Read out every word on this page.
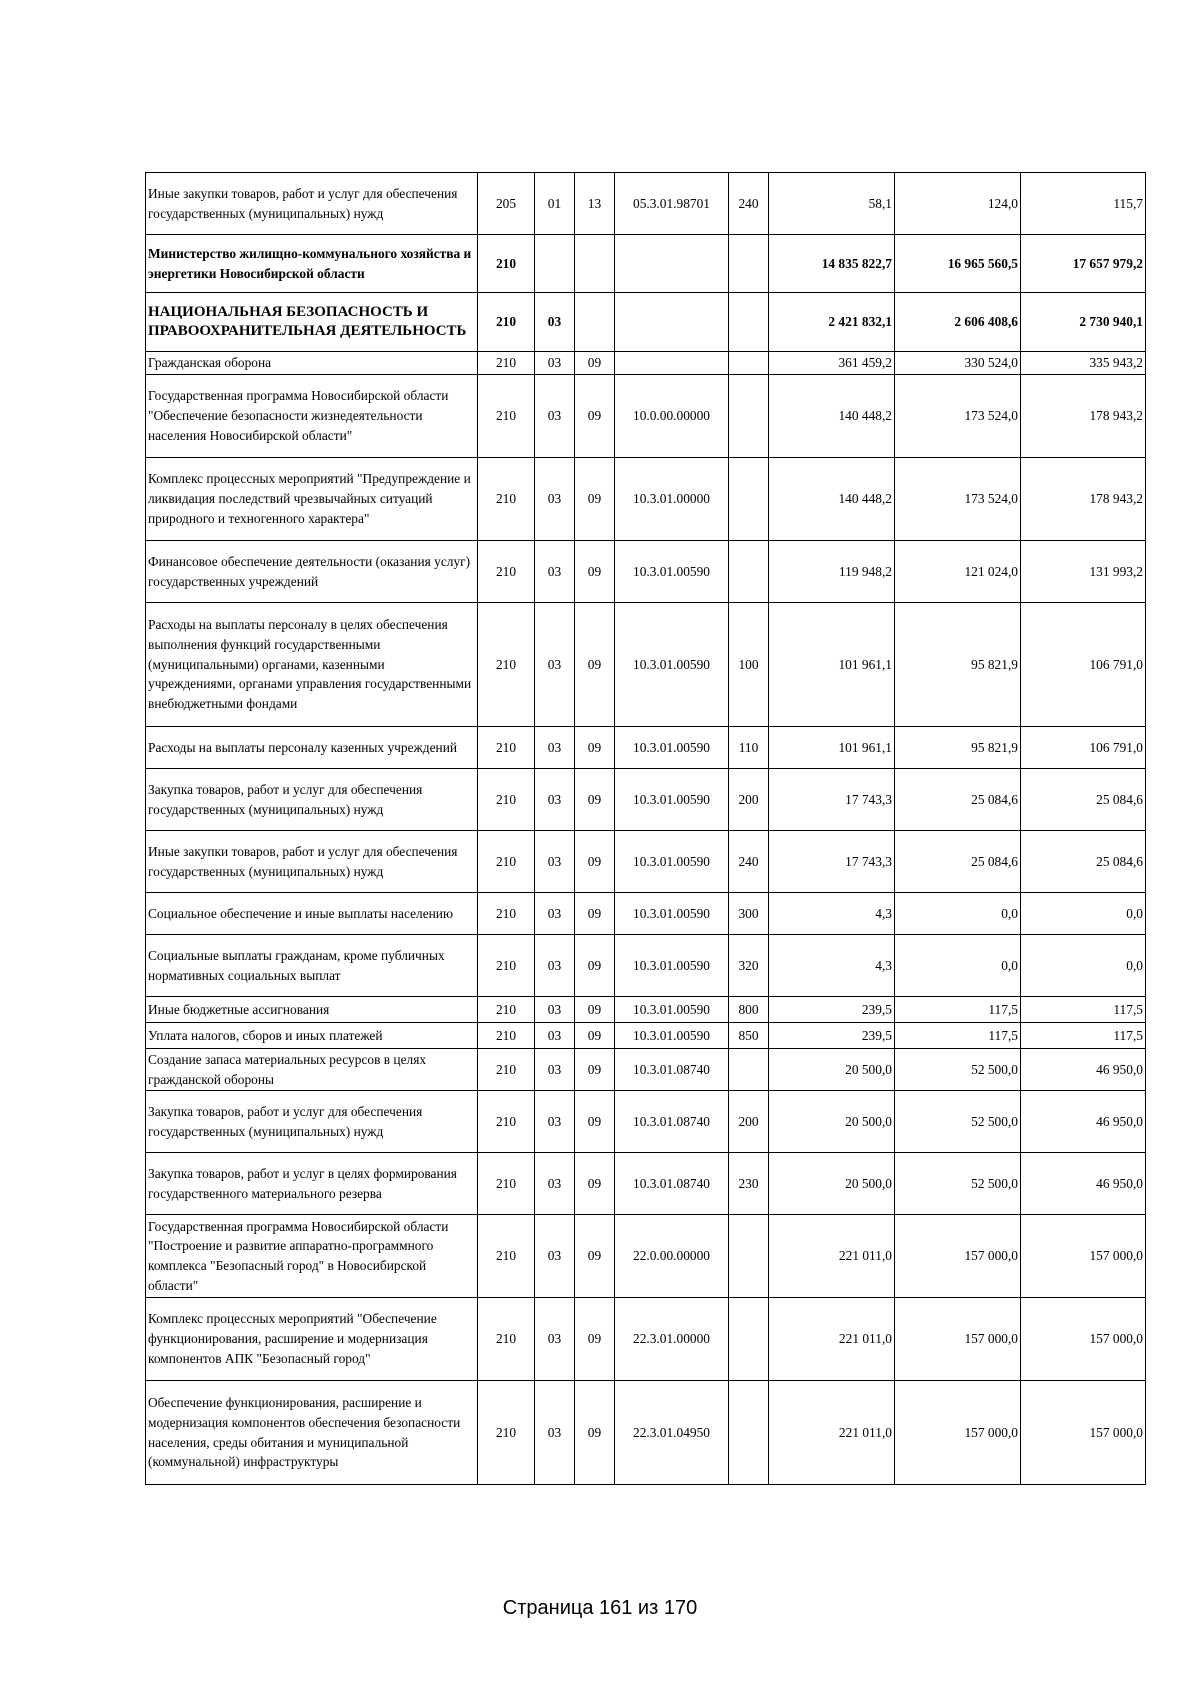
Иные закупки товаров, работ и услуг для обеспечения государственных (муниципальных) нужд	205	01	13	05.3.01.98701	240	58,1	124,0	115,7
Министерство жилищно-коммунального хозяйства и энергетики Новосибирской области	210					14 835 822,7	16 965 560,5	17 657 979,2
НАЦИОНАЛЬНАЯ БЕЗОПАСНОСТЬ И ПРАВООХРАНИТЕЛЬНАЯ ДЕЯТЕЛЬНОСТЬ	210	03				2 421 832,1	2 606 408,6	2 730 940,1
Гражданская оборона	210	03	09			361 459,2	330 524,0	335 943,2
Государственная программа Новосибирской области "Обеспечение безопасности жизнедеятельности населения Новосибирской области"	210	03	09	10.0.00.00000		140 448,2	173 524,0	178 943,2
Комплекс процессных мероприятий "Предупреждение и ликвидация последствий чрезвычайных ситуаций природного и техногенного характера"	210	03	09	10.3.01.00000		140 448,2	173 524,0	178 943,2
Финансовое обеспечение деятельности (оказания услуг) государственных учреждений	210	03	09	10.3.01.00590		119 948,2	121 024,0	131 993,2
Расходы на выплаты персоналу в целях обеспечения выполнения функций государственными (муниципальными) органами, казенными учреждениями, органами управления государственными внебюджетными фондами	210	03	09	10.3.01.00590	100	101 961,1	95 821,9	106 791,0
Расходы на выплаты персоналу казенных учреждений	210	03	09	10.3.01.00590	110	101 961,1	95 821,9	106 791,0
Закупка товаров, работ и услуг для обеспечения государственных (муниципальных) нужд	210	03	09	10.3.01.00590	200	17 743,3	25 084,6	25 084,6
Иные закупки товаров, работ и услуг для обеспечения государственных (муниципальных) нужд	210	03	09	10.3.01.00590	240	17 743,3	25 084,6	25 084,6
Социальное обеспечение и иные выплаты населению	210	03	09	10.3.01.00590	300	4,3	0,0	0,0
Социальные выплаты гражданам, кроме публичных нормативных социальных выплат	210	03	09	10.3.01.00590	320	4,3	0,0	0,0
Иные бюджетные ассигнования	210	03	09	10.3.01.00590	800	239,5	117,5	117,5
Уплата налогов, сборов и иных платежей	210	03	09	10.3.01.00590	850	239,5	117,5	117,5
Создание запаса материальных ресурсов в целях гражданской обороны	210	03	09	10.3.01.08740		20 500,0	52 500,0	46 950,0
Закупка товаров, работ и услуг для обеспечения государственных (муниципальных) нужд	210	03	09	10.3.01.08740	200	20 500,0	52 500,0	46 950,0
Закупка товаров, работ и услуг в целях формирования государственного материального резерва	210	03	09	10.3.01.08740	230	20 500,0	52 500,0	46 950,0
Государственная программа Новосибирской области "Построение и развитие аппаратно-программного комплекса "Безопасный город" в Новосибирской области"	210	03	09	22.0.00.00000		221 011,0	157 000,0	157 000,0
Комплекс процессных мероприятий "Обеспечение функционирования, расширение и модернизация компонентов АПК "Безопасный город"	210	03	09	22.3.01.00000		221 011,0	157 000,0	157 000,0
Обеспечение функционирования, расширение и модернизация компонентов обеспечения безопасности населения, среды обитания и муниципальной (коммунальной) инфраструктуры	210	03	09	22.3.01.04950		221 011,0	157 000,0	157 000,0
Страница 161 из 170
